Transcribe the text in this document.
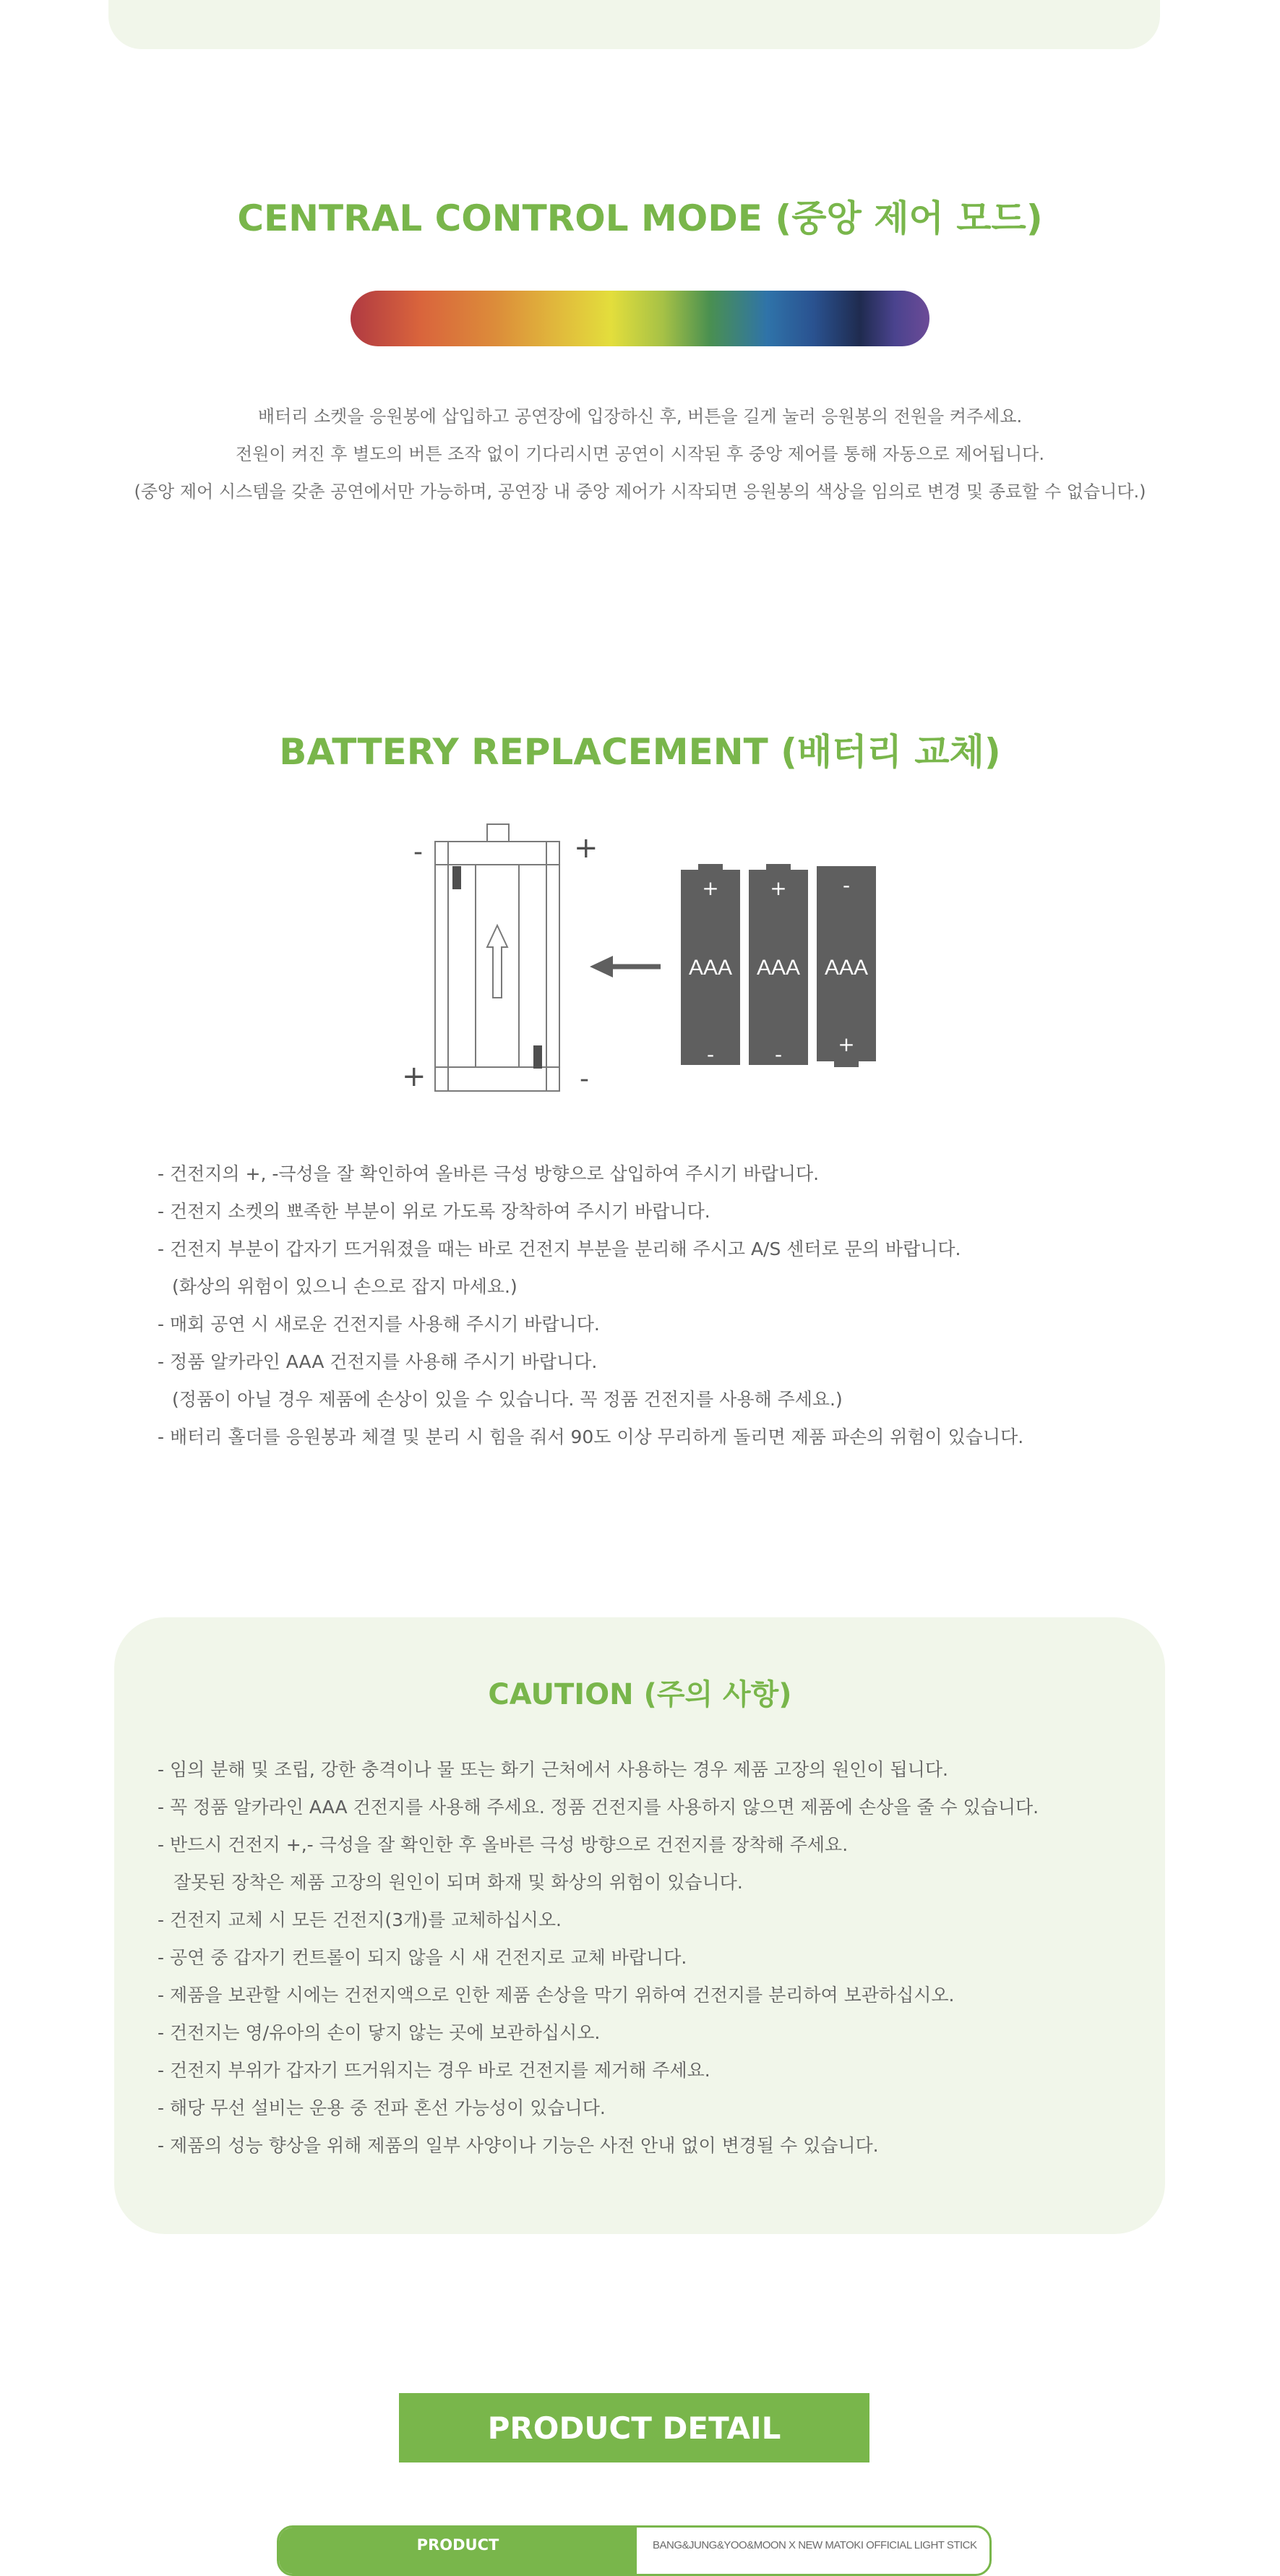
CENTRAL CONTROL MODE (중앙 제어 모드)

배터리 소켓을 응원봉에 삽입하고 공연장에 입장하신 후, 버튼을 길게 눌러 응원봉의 전원을 켜주세요.

전원이 켜진 후 별도의 버튼 조작 없이 기다리시면 공연이 시작된 후 중앙 제어를 통해 자동으로 제어됩니다.

(중앙 제어 시스템을 갖춘 공연에서만 가능하며, 공연장 내 중앙 제어가 시작되면 응원봉의 색상을 임의로 변경 및 종료할 수 없습니다.)

BATTERY REPLACEMENT (배터리 교체)
-	+
+	-
+
AAA
-
+
AAA
-
-
AAA
+
- 건전지의 +, -극성을 잘 확인하여 올바른 극성 방향으로 삽입하여 주시기 바랍니다.
- 건전지 소켓의 뾰족한 부분이 위로 가도록 장착하여 주시기 바랍니다.
- 건전지 부분이 갑자기 뜨거워졌을 때는 바로 건전지 부분을 분리해 주시고 A/S 센터로 문의 바랍니다.
(화상의 위험이 있으니 손으로 잡지 마세요.)
- 매회 공연 시 새로운 건전지를 사용해 주시기 바랍니다.
- 정품 알카라인 AAA 건전지를 사용해 주시기 바랍니다.
(정품이 아닐 경우 제품에 손상이 있을 수 있습니다. 꼭 정품 건전지를 사용해 주세요.)
- 배터리 홀더를 응원봉과 체결 및 분리 시 힘을 줘서 90도 이상 무리하게 돌리면 제품 파손의 위험이 있습니다.
CAUTION (주의 사항)
- 임의 분해 및 조립, 강한 충격이나 물 또는 화기 근처에서 사용하는 경우 제품 고장의 원인이 됩니다.
- 꼭 정품 알카라인 AAA 건전지를 사용해 주세요. 정품 건전지를 사용하지 않으면 제품에 손상을 줄 수 있습니다.
- 반드시 건전지 +,- 극성을 잘 확인한 후 올바른 극성 방향으로 건전지를 장착해 주세요.
잘못된 장착은 제품 고장의 원인이 되며 화재 및 화상의 위험이 있습니다.
- 건전지 교체 시 모든 건전지(3개)를 교체하십시오.
- 공연 중 갑자기 컨트롤이 되지 않을 시 새 건전지로 교체 바랍니다.
- 제품을 보관할 시에는 건전지액으로 인한 제품 손상을 막기 위하여 건전지를 분리하여 보관하십시오.
- 건전지는 영/유아의 손이 닿지 않는 곳에 보관하십시오.
- 건전지 부위가 갑자기 뜨거워지는 경우 바로 건전지를 제거해 주세요.
- 해당 무선 설비는 운용 중 전파 혼선 가능성이 있습니다.
- 제품의 성능 향상을 위해 제품의 일부 사양이나 기능은 사전 안내 없이 변경될 수 있습니다.
PRODUCT DETAIL
PRODUCT	BANG&JUNG&YOO&MOON X NEW MATOKI OFFICIAL LIGHT STICK
